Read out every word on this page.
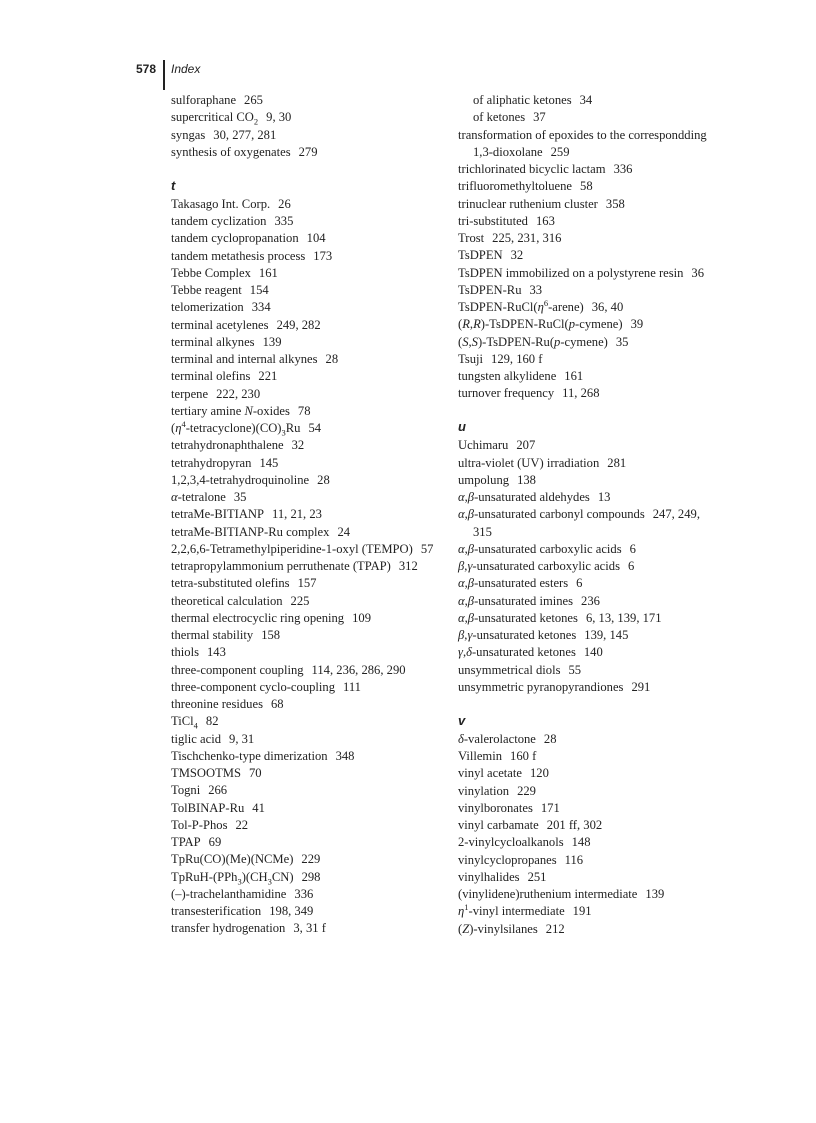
578 Index
sulforaphane 265
supercritical $CO_2$ 9, 30
syngas 30, 277, 281
synthesis of oxygenates 279
t
Takasago Int. Corp. 26
tandem cyclization 335
tandem cyclopropanation 104
tandem metathesis process 173
Tebbe Complex 161
Tebbe reagent 154
telomerization 334
terminal acetylenes 249, 282
terminal alkynes 139
terminal and internal alkynes 28
terminal olefins 221
terpene 222, 230
tertiary amine N-oxides 78
$(\eta^4-tetracyclone)(CO)_3Ru$ 54
tetrahydronaphthalene 32
tetrahydropyran 145
1,2,3,4-tetrahydroquinoline 28
α-tetralone 35
tetraMe-BITIANP 11, 21, 23
tetraMe-BITIANP-Ru complex 24
2,2,6,6-Tetramethylpiperidine-1-oxyl (TEMPO) 57
tetrapropylammonium perruthenate (TPAP) 312
tetra-substituted olefins 157
theoretical calculation 225
thermal electrocyclic ring opening 109
thermal stability 158
thiols 143
three-component coupling 114, 236, 286, 290
three-component cyclo-coupling 111
threonine residues 68
TiCl$_4$ 82
tiglic acid 9, 31
Tischchenko-type dimerization 348
TMSOOTMS 70
Togni 266
TolBINAP-Ru 41
Tol-P-Phos 22
TPAP 69
TpRu(CO)(Me)(NCMe) 229
TpRuH-$(PPh_3)(CH_3CN)$ 298
(–)-trachelanthamidine 336
transesterification 198, 349
transfer hydrogenation 3, 31 f
of aliphatic ketones 34
of ketones 37
transformation of epoxides to the correspondding 1,3-dioxolane 259
trichlorinated bicyclic lactam 336
trifluoromethyltoluene 58
trinuclear ruthenium cluster 358
tri-substituted 163
Trost 225, 231, 316
TsDPEN 32
TsDPEN immobilized on a polystyrene resin 36
TsDPEN-Ru 33
TsDPEN-$RuCl(\eta^6-arene)$ 36, 40
(R,R)-TsDPEN-RuCl(p-cymene) 39
(S,S)-TsDPEN-Ru(p-cymene) 35
Tsuji 129, 160 f
tungsten alkylidene 161
turnover frequency 11, 268
u
Uchimaru 207
ultra-violet (UV) irradiation 281
umpolung 138
α,β-unsaturated aldehydes 13
α,β-unsaturated carbonyl compounds 247, 249, 315
α,β-unsaturated carboxylic acids 6
β,γ-unsaturated carboxylic acids 6
α,β-unsaturated esters 6
α,β-unsaturated imines 236
α,β-unsaturated ketones 6, 13, 139, 171
β,γ-unsaturated ketones 139, 145
γ,δ-unsaturated ketones 140
unsymmetrical diols 55
unsymmetric pyranopyrandiones 291
v
δ-valerolactone 28
Villemin 160 f
vinyl acetate 120
vinylation 229
vinylboronates 171
vinyl carbamate 201 ff, 302
2-vinylcycloalkanols 148
vinylcyclopropanes 116
vinylhalides 251
(vinylidene)ruthenium intermediate 139
$\eta^1$-vinyl intermediate 191
(Z)-vinylsilanes 212
